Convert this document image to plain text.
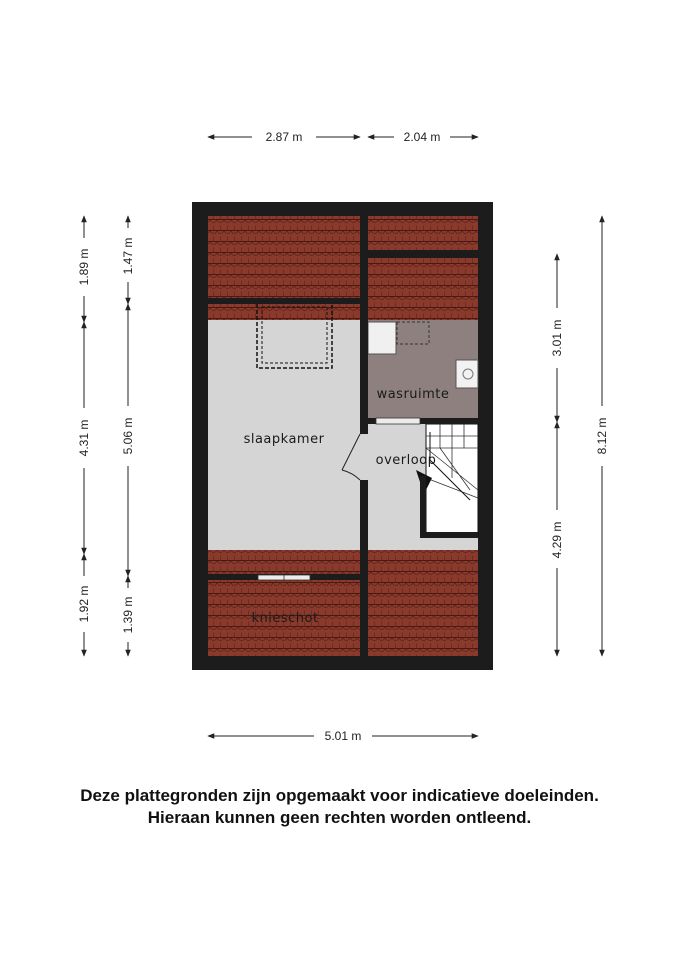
slaapkamer
wasruimte
overloop
knieschot
2.87 m	2.04 m
5.01 m
1.89 m
4.31 m
1.92 m
1.47 m
5.06 m
1.39 m
3.01 m
4.29 m
8.12 m
Deze plattegronden zijn opgemaakt voor indicatieve doeleinden.
Hieraan kunnen geen rechten worden ontleend.
